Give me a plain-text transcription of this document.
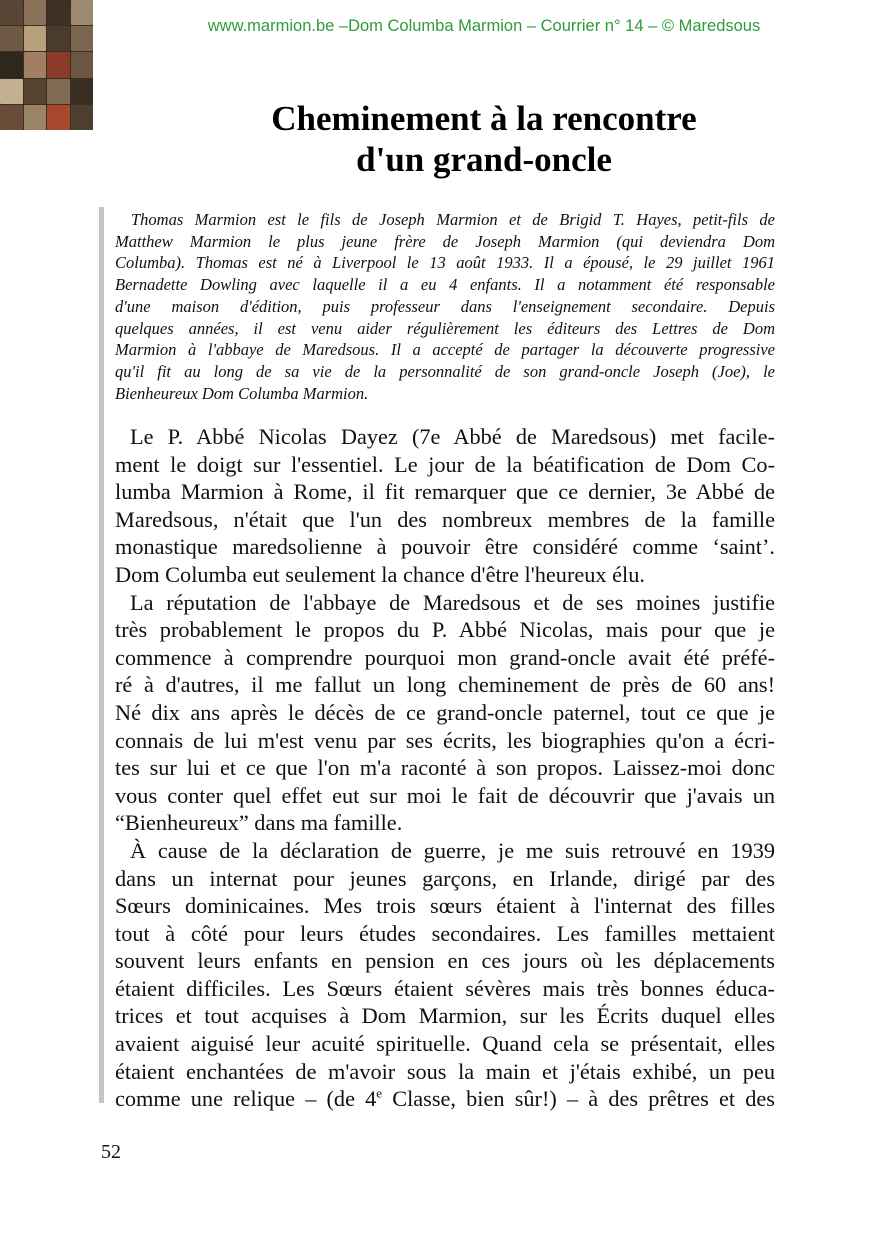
www.marmion.be –Dom Columba Marmion – Courrier n° 14 – © Maredsous
Cheminement à la rencontre
d'un grand-oncle
Thomas Marmion est le fils de Joseph Marmion et de Brigid T. Hayes, petit-fils de
Matthew Marmion le plus jeune frère de Joseph Marmion (qui deviendra Dom
Columba). Thomas est né à Liverpool le 13 août 1933. Il a épousé, le 29 juillet 1961
Bernadette Dowling avec laquelle il a eu 4 enfants. Il a notamment été responsable
d'une maison d'édition, puis professeur dans l'enseignement secondaire. Depuis
quelques années, il est venu aider régulièrement les éditeurs des Lettres de Dom
Marmion à l'abbaye de Maredsous. Il a accepté de partager la découverte progressive
qu'il fit au long de sa vie de la personnalité de son grand-oncle Joseph (Joe), le
Bienheureux Dom Columba Marmion.
Le P. Abbé Nicolas Dayez (7e Abbé de Maredsous) met facile-
ment le doigt sur l'essentiel. Le jour de la béatification de Dom Co-
lumba Marmion à Rome, il fit remarquer que ce dernier, 3e Abbé de
Maredsous, n'était que l'un des nombreux membres de la famille
monastique maredsolienne à pouvoir être considéré comme ‘saint’.
Dom Columba eut seulement la chance d'être l'heureux élu.
La réputation de l'abbaye de Maredsous et de ses moines justifie
très probablement le propos du P. Abbé Nicolas, mais pour que je
commence à comprendre pourquoi mon grand-oncle avait été préfé-
ré à d'autres, il me fallut un long cheminement de près de 60 ans!
Né dix ans après le décès de ce grand-oncle paternel, tout ce que je
connais de lui m'est venu par ses écrits, les biographies qu'on a écri-
tes sur lui et ce que l'on m'a raconté à son propos. Laissez-moi donc
vous conter quel effet eut sur moi le fait de découvrir que j'avais un
“Bienheureux” dans ma famille.
À cause de la déclaration de guerre, je me suis retrouvé en 1939
dans un internat pour jeunes garçons, en Irlande, dirigé par des
Sœurs dominicaines. Mes trois sœurs étaient à l'internat des filles
tout à côté pour leurs études secondaires. Les familles mettaient
souvent leurs enfants en pension en ces jours où les déplacements
étaient difficiles. Les Sœurs étaient sévères mais très bonnes éduca-
trices et tout acquises à Dom Marmion, sur les Écrits duquel elles
avaient aiguisé leur acuité spirituelle. Quand cela se présentait, elles
étaient enchantées de m'avoir sous la main et j'étais exhibé, un peu
comme une relique – (de 4e Classe, bien sûr!) – à des prêtres et des
52
